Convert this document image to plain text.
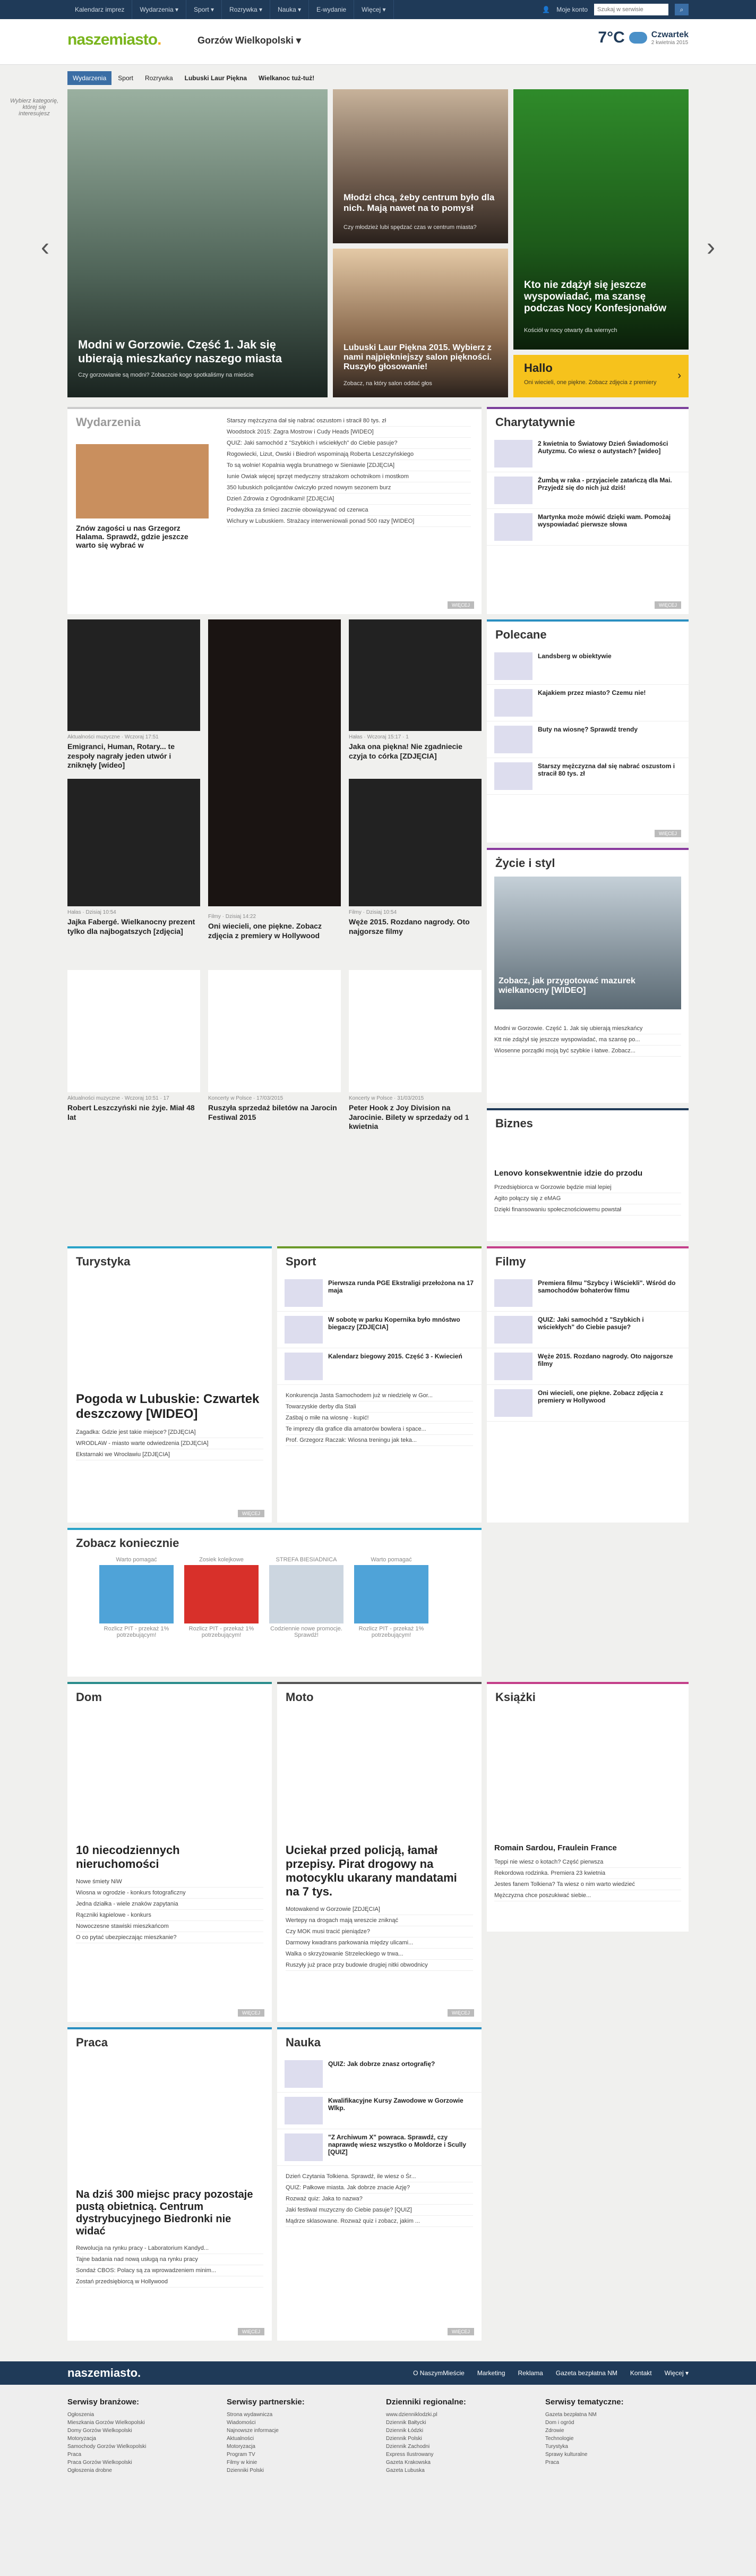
Kalendarz imprez	Wydarzenia ▾	Sport ▾	Rozrywka ▾	Nauka ▾	E-wydanie	Więcej ▾	👤 Moje konto
Szukaj w serwisie	⌕
naszemiasto.	Gorzów Wielkopolski ▾	7°C	Czwartek
2 kwietnia 2015
Wybierz kategorię, której się interesujesz
Wydarzenia	Sport	Rozrywka	Lubuski Laur Piękna	Wielkanoc tuż-tuż!
‹	›
Modni w Gorzowie. Część 1. Jak się ubierają mieszkańcy naszego miasta
Czy gorzowianie są modni? Zobaczcie kogo spotkaliśmy na mieście
Młodzi chcą, żeby centrum było dla nich. Mają nawet na to pomysł
Czy młodzież lubi spędzać czas w centrum miasta?
Lubuski Laur Piękna 2015. Wybierz z nami najpiękniejszy salon piękności. Ruszyło głosowanie!
Zobacz, na który salon oddać głos
Kto nie zdążył się jeszcze wyspowiadać, ma szansę podczas Nocy Konfesjonałów
Kościół w nocy otwarty dla wiernych
Hallo
Oni wiecieli, one piękne. Zobacz zdjęcia z premiery
›
Wydarzenia
Znów zagości u nas Grzegorz Halama. Sprawdź, gdzie jeszcze warto się wybrać w
Starszy mężczyzna dał się nabrać oszustom i stracił 80 tys. zł
Woodstock 2015: Zagra Mostrow i Cudy Heads [WIDEO]
QUIZ: Jaki samochód z "Szybkich i wściekłych" do Ciebie pasuje?
Rogowiecki, Lizut, Owski i Biedroń wspominają Roberta Leszczyńskiego
To są wolnie! Kopalnia węgla brunatnego w Sieniawie [ZDJĘCIA]
Iunie Owiak więcej sprzęt medyczny strażakom ochotnikom i mostkom
350 lubuskich policjantów ćwiczyło przed nowym sezonem burz
Dzień Zdrowia z Ogrodnikami! [ZDJĘCIA]
Podwyżka za śmieci zacznie obowiązywać od czerwca
Wichury w Lubuskiem. Strażacy interweniowali ponad 500 razy [WIDEO]
WIĘCEJ
Aktualności muzyczne · Wczoraj 17:51
Emigranci, Human, Rotary... te zespoły nagrały jeden utwór i zniknęły [wideo]
Hałas · Wczoraj 15:17 · 1
Jaka ona piękna! Nie zgadniecie czyja to córka [ZDJĘCIA]
Hałas · Dzisiaj 10:54
Jajka Fabergé. Wielkanocny prezent tylko dla najbogatszych [zdjęcia]
Filmy · Dzisiaj 14:22
Oni wiecieli, one piękne. Zobacz zdjęcia z premiery w Hollywood
Filmy · Dzisiaj 10:54
Węże 2015. Rozdano nagrody. Oto najgorsze filmy
Aktualności muzyczne · Wczoraj 10:51 · 17
Robert Leszczyński nie żyje. Miał 48 lat
Koncerty w Polsce · 17/03/2015
Ruszyła sprzedaż biletów na Jarocin Festiwal 2015
Koncerty w Polsce · 31/03/2015
Peter Hook z Joy Division na Jarocinie. Bilety w sprzedaży od 1 kwietnia
Charytatywnie
2 kwietnia to Światowy Dzień Świadomości Autyzmu. Co wiesz o autystach? [wideo]
Żumbą w raka - przyjaciele zatańczą dla Mai. Przyjedź się do nich już dziś!
Martynka może mówić dzięki wam. Pomożaj wyspowiadać pierwsze słowa
WIĘCEJ
Polecane
Landsberg w obiektywie
Kajakiem przez miasto? Czemu nie!
Buty na wiosnę? Sprawdź trendy
Starszy mężczyzna dał się nabrać oszustom i stracił 80 tys. zł
WIĘCEJ
Życie i styl
Zobacz, jak przygotować mazurek wielkanocny [WIDEO]
Modni w Gorzowie. Część 1. Jak się ubierają mieszkańcy
Ktt nie zdążył się jeszcze wyspowiadać, ma szansę po...
Wiosenne porządki moją być szybkie i łatwe. Zobacz...
Biznes
Lenovo konsekwentnie idzie do przodu
Przedsiębiorca w Gorzowie będzie miał lepiej
Agito połączy się z eMAG
Dzięki finansowaniu społecznościowemu powstał
Turystyka
Pogoda w Lubuskie: Czwartek deszczowy [WIDEO]
Zagadka: Gdzie jest takie miejsce? [ZDJĘCIA]
WRODLAW - miasto warte odwiedzenia [ZDJĘCIA]
Ekstarnaki we Wrocławiu [ZDJĘCIA]
WIĘCEJ
Sport
Pierwsza runda PGE Ekstraligi przełożona na 17 maja
W sobotę w parku Kopernika było mnóstwo biegaczy [ZDJĘCIA]
Kalendarz biegowy 2015. Część 3 - Kwiecień
Konkurencja Jasta Samochodem już w niedzielę w Gor...
Towarzyskie derby dla Stali
Zaśbaj o miłe na wiosnę - kupić!
Te imprezy dla grafice dla amatorów bowlera i space...
Prof. Grzegorz Raczak: Wiosna treningu jak teka...
Filmy
Premiera filmu "Szybcy i Wściekli". Wśród do samochodów bohaterów filmu
QUIZ: Jaki samochód z "Szybkich i wściekłych" do Ciebie pasuje?
Węże 2015. Rozdano nagrody. Oto najgorsze filmy
Oni wiecieli, one piękne. Zobacz zdjęcia z premiery w Hollywood
Zobacz koniecznie
Warto pomagać
Rozlicz PIT - przekaż 1% potrzebującym!
Zosiek kolejkowe
Rozlicz PIT - przekaż 1% potrzebującym!
STREFA BIESIADNICA
Codziennie nowe promocje. Sprawdź!
Warto pomagać
Rozlicz PIT - przekaż 1% potrzebującym!
Dom
10 niecodziennych nieruchomości
Nowe śmiety NiW
Wiosna w ogrodzie - konkurs fotograficzny
Jedna działka - wiele znaków zapytania
Rączniki kąpielowe - konkurs
Nowoczesne stawiski mieszkańcom
O co pytać ubezpieczając mieszkanie?
WIĘCEJ
Moto
Uciekał przed policją, łamał przepisy. Pirat drogowy na motocyklu ukarany mandatami na 7 tys.
Motowakend w Gorzowie [ZDJĘCIA]
Wertepy na drogach mają wreszcie zniknąć
Czy MOK musi tracić pieniądze?
Darmowy kwadrans parkowania między ulicami...
Walka o skrzyżowanie Strzeleckiego w trwa...
Ruszyły już prace przy budowie drugiej nitki obwodnicy
WIĘCEJ
Książki
Romain Sardou, Fraulein France
Teppi nie wiesz o kotach? Część pierwsza
Rekordowa rodzinka. Premiera 23 kwietnia
Jestes fanem Tolkiena? Ta wiesz o nim warto wiedzieć
Mężczyzna chce poszukiwać siebie...
Praca
Na dziś 300 miejsc pracy pozostaje pustą obietnicą. Centrum dystrybucyjnego Biedronki nie widać
Rewolucja na rynku pracy - Laboratorium Kandyd...
Tajne badania nad nową usługą na rynku pracy
Sondaż CBOS: Polacy są za wprowadzeniem minim...
Zostań przedsiębiorcą w Hollywood
WIĘCEJ
Nauka
QUIZ: Jak dobrze znasz ortografię?
Kwalifikacyjne Kursy Zawodowe w Gorzowie Wlkp.
"Z Archiwum X" powraca. Sprawdź, czy naprawdę wiesz wszystko o Moldorze i Scully [QUIZ]
Dzień Czytania Tolkiena. Sprawdź, ile wiesz o Śr...
QUIZ: Pałkowe miasta. Jak dobrze znacie Azję?
Rozważ quiz: Jaka to nazwa?
Jaki festiwal muzyczny do Ciebie pasuje? [QUIZ]
Mądrze sklasowane. Rozważ quiz i zobacz, jakim ...
WIĘCEJ
naszemiasto.	O NaszymMieście Marketing Reklama Gazeta bezpłatna NM Kontakt Więcej ▾
Serwisy branżowe:
Ogłoszenia
Mieszkania Gorzów Wielkopolski
Domy Gorzów Wielkopolski
Motoryzacja
Samochody Gorzów Wielkopolski
Praca
Praca Gorzów Wielkopolski
Ogłoszenia drobne
Serwisy partnerskie:
Strona wydawnicza
Wiadomości
Najnowsze informacje
Aktualności
Motoryzacja
Program TV
Filmy w kinie
Dzienniki Polski
Dzienniki regionalne:
www.dzienniklodzki.pl
Dziennik Bałtycki
Dziennik Łódzki
Dziennik Polski
Dziennik Zachodni
Express Ilustrowany
Gazeta Krakowska
Gazeta Lubuska
Serwisy tematyczne:
Gazeta bezpłatna NM
Dom i ogród
Zdrowie
Technologie
Turystyka
Sprawy kulturalne
Praca
